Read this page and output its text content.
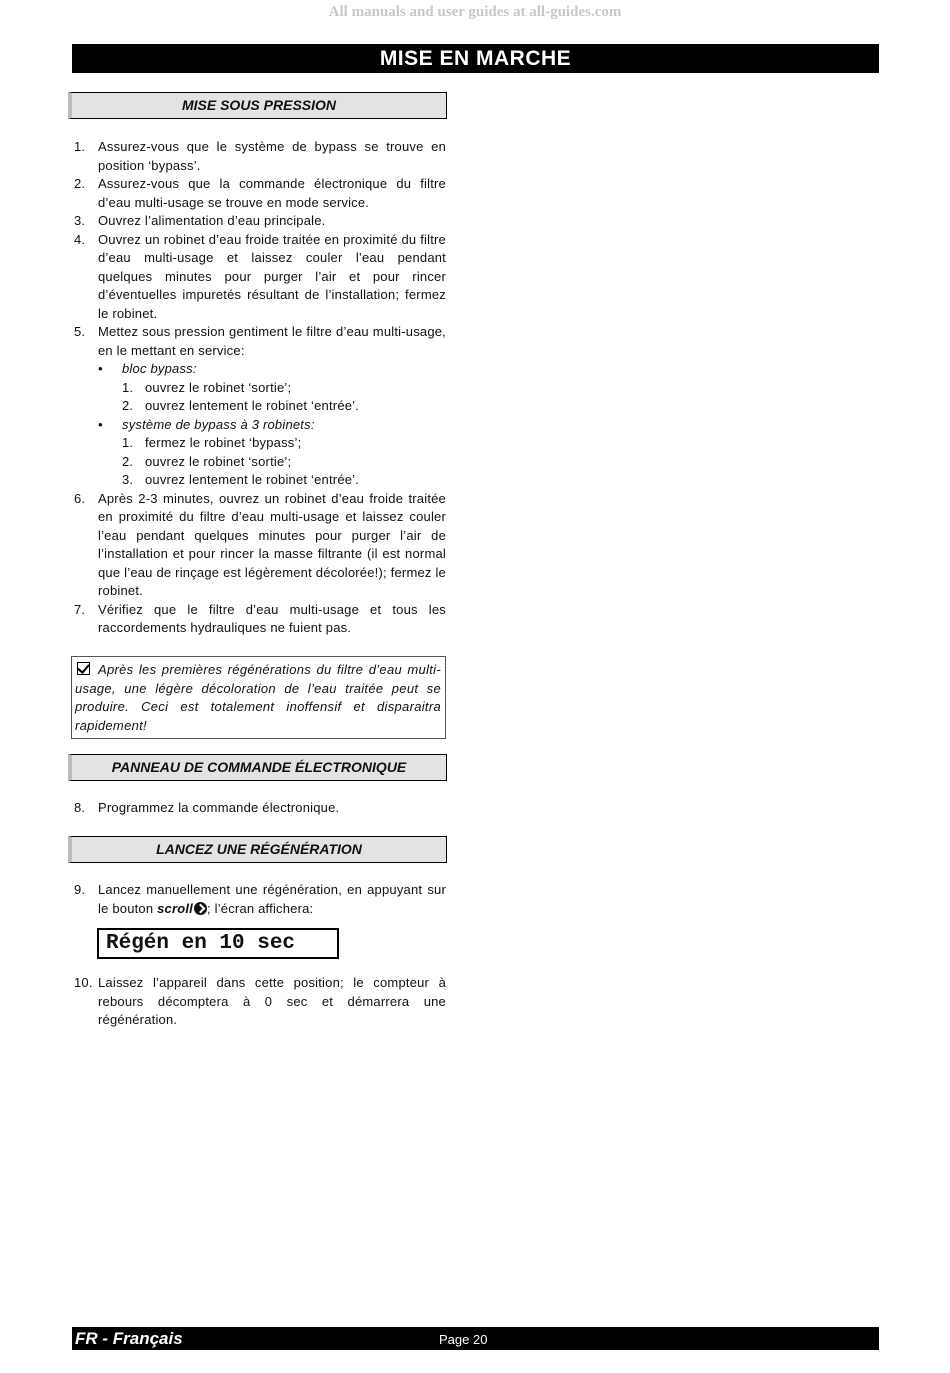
All manuals and user guides at all-guides.com
MISE EN MARCHE
MISE SOUS PRESSION
1. Assurez-vous que le système de bypass se trouve en position ‘bypass’.
2. Assurez-vous que la commande électronique du filtre d’eau multi-usage se trouve en mode service.
3. Ouvrez l’alimentation d’eau principale.
4. Ouvrez un robinet d’eau froide traitée en proximité du filtre d’eau multi-usage et laissez couler l’eau pendant quelques minutes pour purger l’air et pour rincer d’éventuelles impuretés résultant de l’installation; fermez le robinet.
5. Mettez sous pression gentiment le filtre d’eau multi-usage, en le mettant en service:
• bloc bypass:
1. ouvrez le robinet ‘sortie’;
2. ouvrez lentement le robinet ‘entrée’.
• système de bypass à 3 robinets:
1. fermez le robinet ‘bypass’;
2. ouvrez le robinet ‘sortie’;
3. ouvrez lentement le robinet ‘entrée’.
6. Après 2-3 minutes, ouvrez un robinet d’eau froide traitée en proximité du filtre d’eau multi-usage et laissez couler l’eau pendant quelques minutes pour purger l’air de l’installation et pour rincer la masse filtrante (il est normal que l’eau de rinçage est légèrement décolorée!); fermez le robinet.
7. Vérifiez que le filtre d’eau multi-usage et tous les raccordements hydrauliques ne fuient pas.
Après les premières régénérations du filtre d’eau multi-usage, une légère décoloration de l’eau traitée peut se produire. Ceci est totalement inoffensif et disparaitra rapidement!
PANNEAU DE COMMANDE ÉLECTRONIQUE
8. Programmez la commande électronique.
LANCEZ UNE RÉGÉNÉRATION
9. Lancez manuellement une régénération, en appuyant sur le bouton scroll ; l’écran affichera:
Régén en 10 sec
10. Laissez l’appareil dans cette position; le compteur à rebours décomptera à 0 sec et démarrera une régénération.
FR - Français	Page 20
